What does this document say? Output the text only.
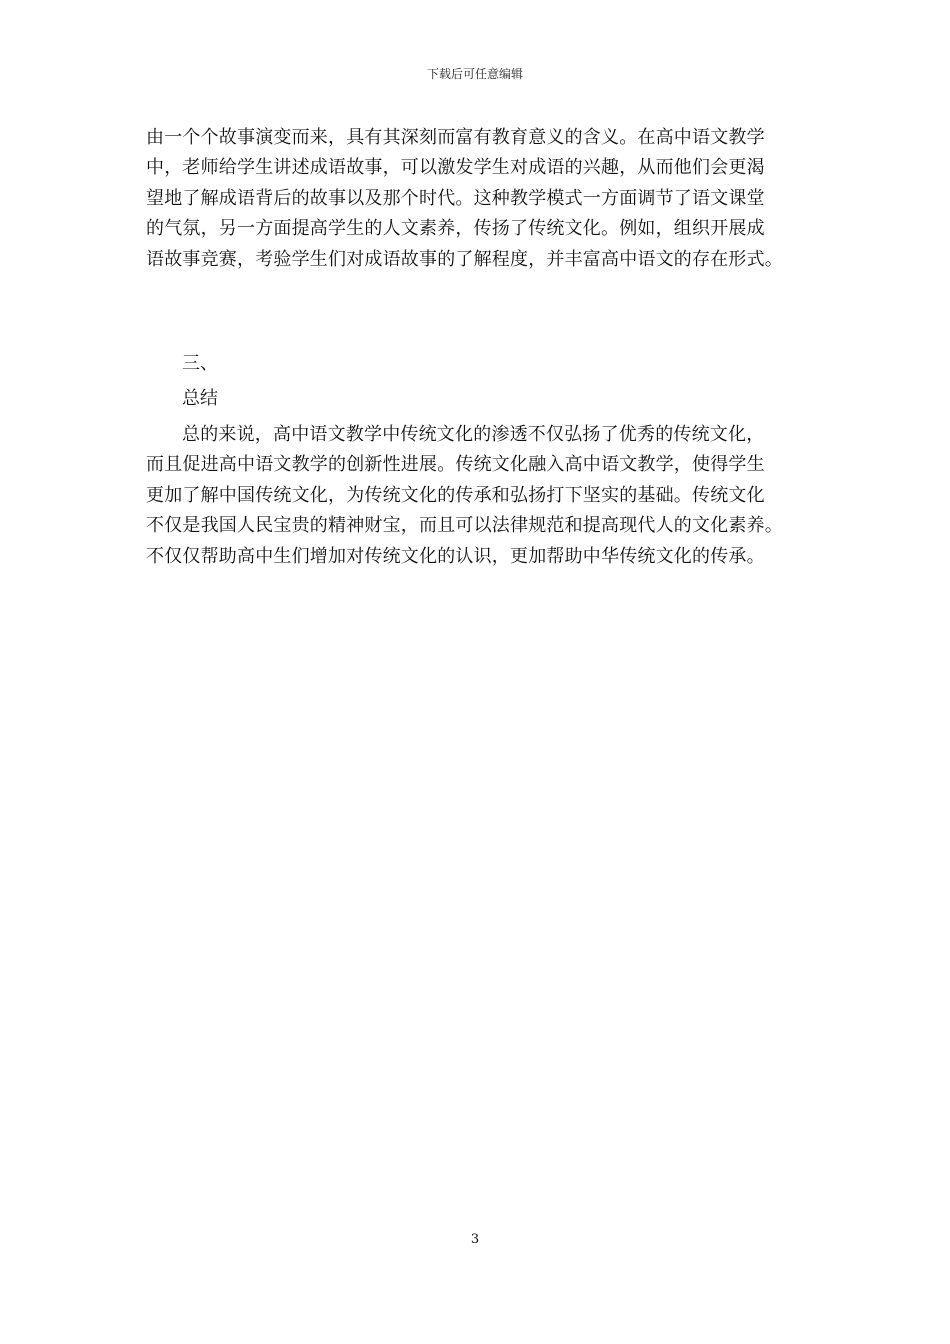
下载后可任意编辑
由一个个故事演变而来，具有其深刻而富有教育意义的含义。在高中语文教学
中，老师给学生讲述成语故事，可以激发学生对成语的兴趣，从而他们会更渴
望地了解成语背后的故事以及那个时代。这种教学模式一方面调节了语文课堂
的气氛，另一方面提高学生的人文素养，传扬了传统文化。例如，组织开展成
语故事竞赛，考验学生们对成语故事的了解程度，并丰富高中语文的存在形式。
三、
总结
总的来说，高中语文教学中传统文化的渗透不仅弘扬了优秀的传统文化，
而且促进高中语文教学的创新性进展。传统文化融入高中语文教学，使得学生
更加了解中国传统文化，为传统文化的传承和弘扬打下坚实的基础。传统文化
不仅是我国人民宝贵的精神财宝，而且可以法律规范和提高现代人的文化素养。
不仅仅帮助高中生们增加对传统文化的认识，更加帮助中华传统文化的传承。
3
